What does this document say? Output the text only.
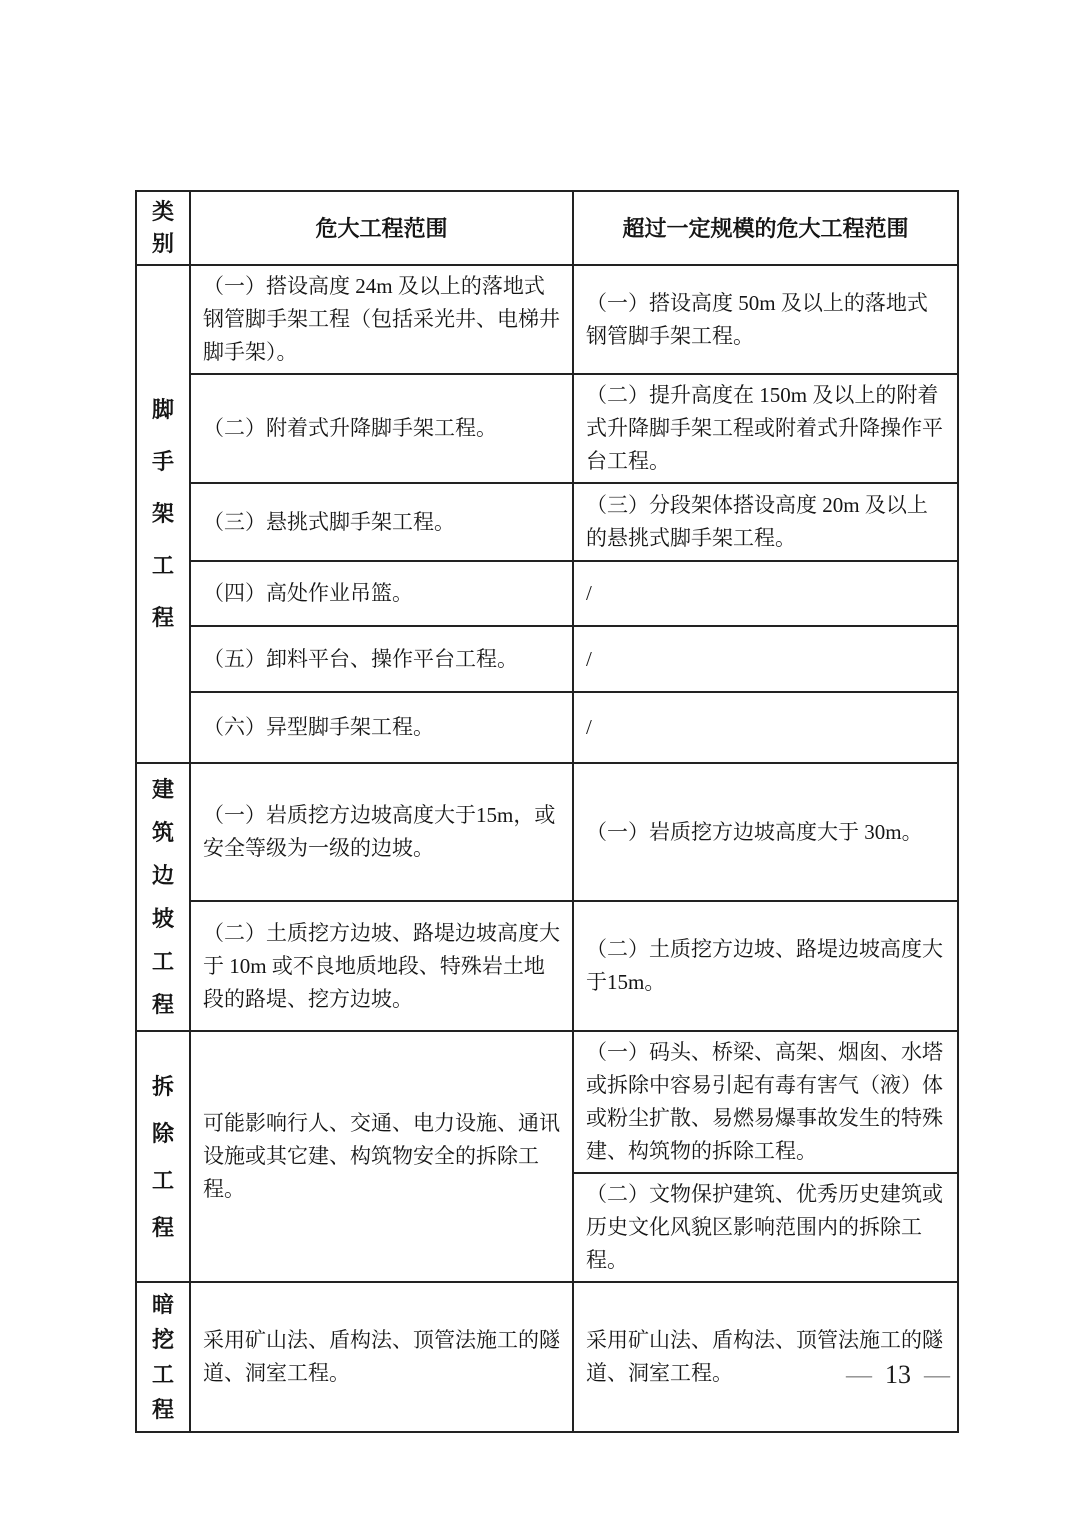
类别	危大工程范围	超过一定规模的危大工程范围

脚手架工程	（一）搭设高度 24m 及以上的落地式钢管脚手架工程（包括采光井、电梯井脚手架）。	（一）搭设高度 50m 及以上的落地式钢管脚手架工程。
	（二）附着式升降脚手架工程。	（二）提升高度在 150m 及以上的附着式升降脚手架工程或附着式升降操作平台工程。
	（三）悬挑式脚手架工程。	（三）分段架体搭设高度 20m 及以上的悬挑式脚手架工程。
	（四）高处作业吊篮。	/
	（五）卸料平台、操作平台工程。	/
	（六）异型脚手架工程。	/

建筑边坡工程	（一）岩质挖方边坡高度大于15m，或安全等级为一级的边坡。	（一）岩质挖方边坡高度大于 30m。
	（二）土质挖方边坡、路堤边坡高度大于 10m 或不良地质地段、特殊岩土地段的路堤、挖方边坡。	（二）土质挖方边坡、路堤边坡高度大于15m。

拆除工程	可能影响行人、交通、电力设施、通讯设施或其它建、构筑物安全的拆除工程。	（一）码头、桥梁、高架、烟囱、水塔或拆除中容易引起有毒有害气（液）体或粉尘扩散、易燃易爆事故发生的特殊建、构筑物的拆除工程。
		（二）文物保护建筑、优秀历史建筑或历史文化风貌区影响范围内的拆除工程。

暗挖工程	采用矿山法、盾构法、顶管法施工的隧道、洞室工程。	采用矿山法、盾构法、顶管法施工的隧道、洞室工程。	— 13 —
